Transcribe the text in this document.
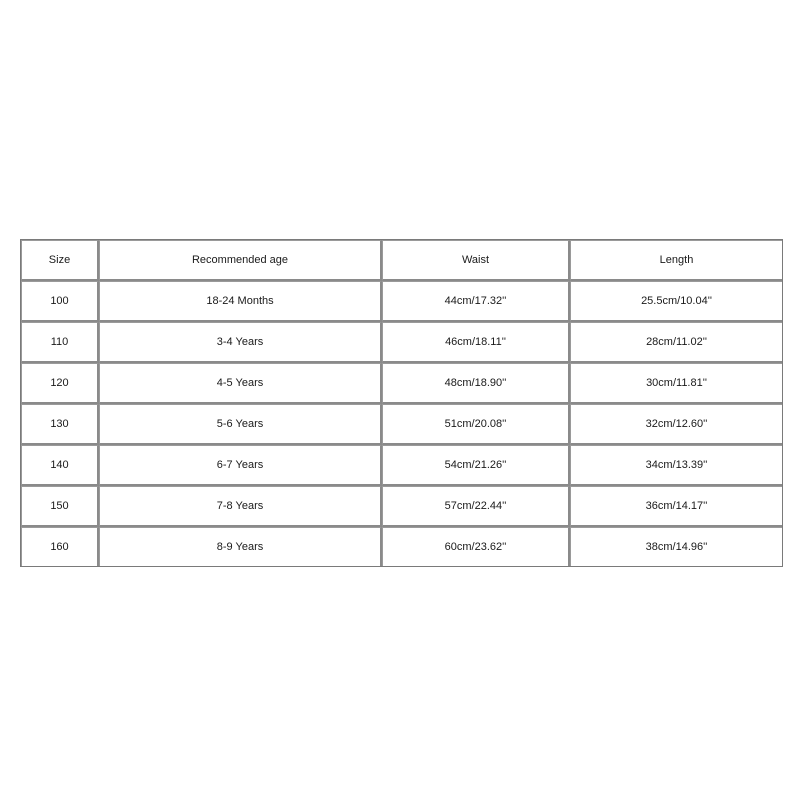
Size	Recommended age	Waist	Length
100	18-24 Months	44cm/17.32''	25.5cm/10.04''
110	3-4 Years	46cm/18.11''	28cm/11.02''
120	4-5 Years	48cm/18.90''	30cm/11.81''
130	5-6 Years	51cm/20.08''	32cm/12.60''
140	6-7 Years	54cm/21.26''	34cm/13.39''
150	7-8 Years	57cm/22.44''	36cm/14.17''
160	8-9 Years	60cm/23.62''	38cm/14.96''
